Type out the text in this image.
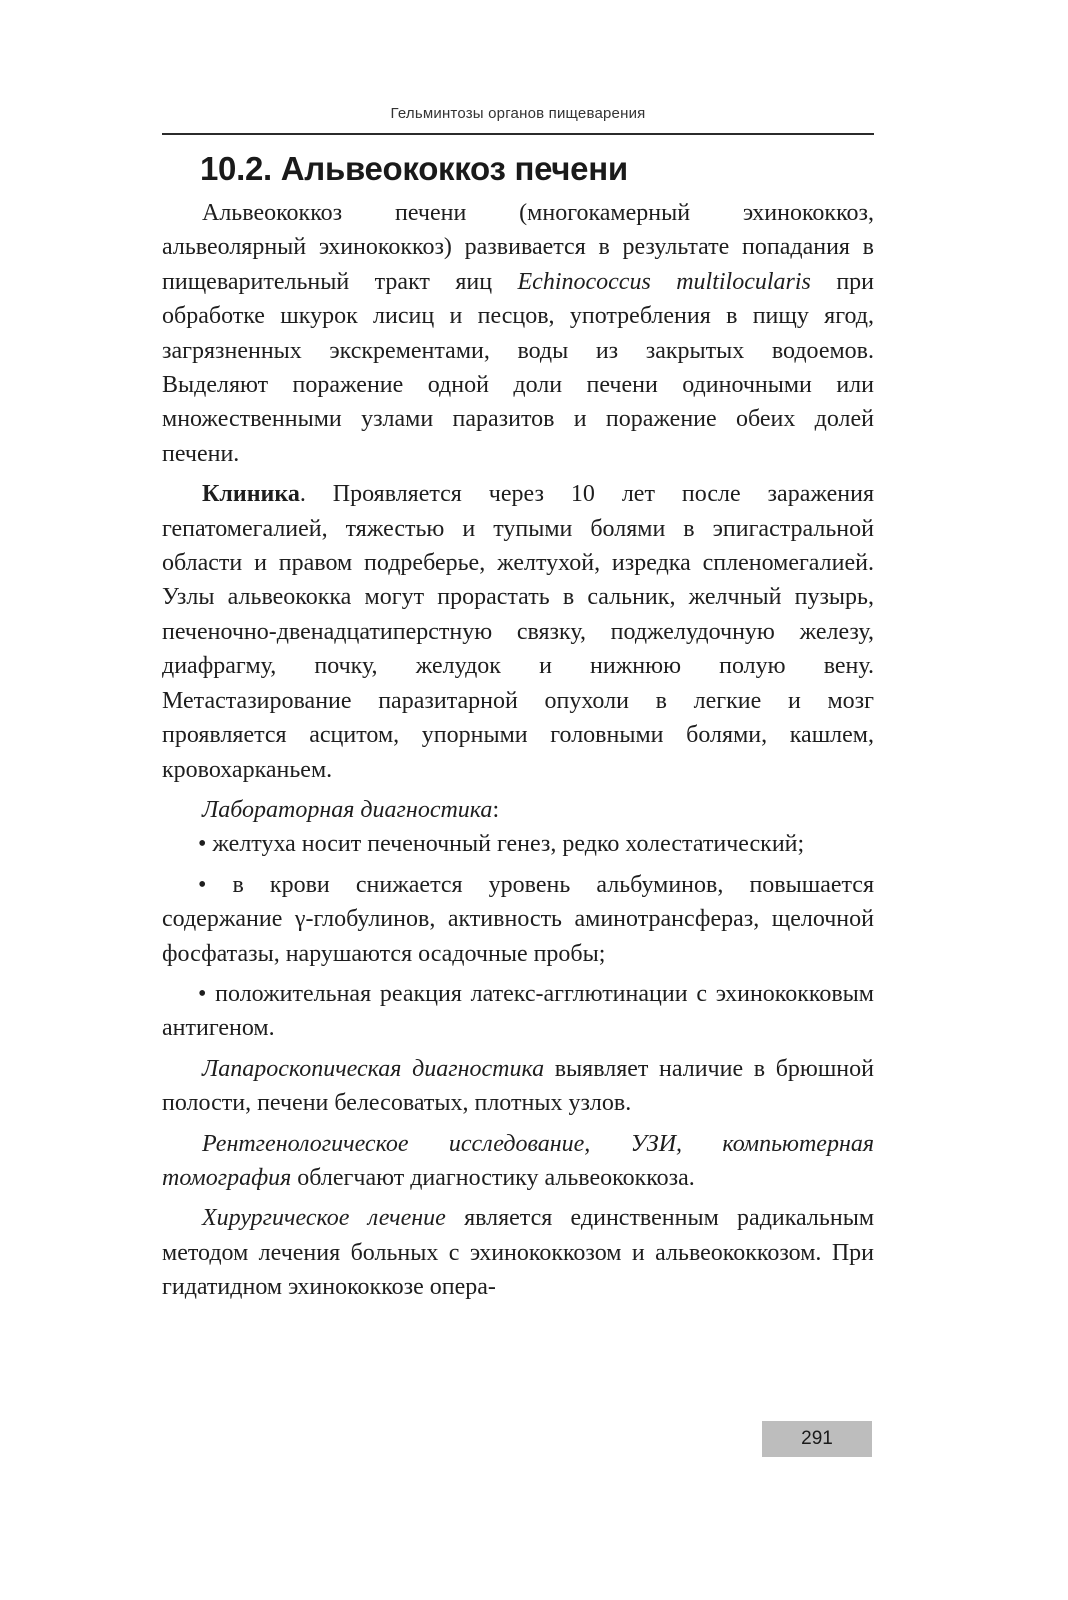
Гельминтозы органов пищеварения
10.2. Альвеококкоз печени

Альвеококкоз печени (многокамерный эхинококкоз, альвеолярный эхинококкоз) развивается в результате попадания в пищеварительный тракт яиц Echinococcus multilocularis при обработке шкурок лисиц и песцов, употребления в пищу ягод, загрязненных экскрементами, воды из закрытых водоемов. Выделяют поражение одной доли печени одиночными или множественными узлами паразитов и поражение обеих долей печени.

Клиника. Проявляется через 10 лет после заражения гепатомегалией, тяжестью и тупыми болями в эпигастральной области и правом подреберье, желтухой, изредка спленомегалией. Узлы альвеококка могут прорастать в сальник, желчный пузырь, печеночно-двенадцатиперстную связку, поджелудочную железу, диафрагму, почку, желудок и нижнюю полую вену. Метастазирование паразитарной опухоли в легкие и мозг проявляется асцитом, упорными головными болями, кашлем, кровохарканьем.

Лабораторная диагностика:

• желтуха носит печеночный генез, редко холестатический;

• в крови снижается уровень альбуминов, повышается содержание γ-глобулинов, активность аминотрансфераз, щелочной фосфатазы, нарушаются осадочные пробы;

• положительная реакция латекс-агглютинации с эхинококковым антигеном.

Лапароскопическая диагностика выявляет наличие в брюшной полости, печени белесоватых, плотных узлов.

Рентгенологическое исследование, УЗИ, компьютерная томография облегчают диагностику альвеококкоза.

Хирургическое лечение является единственным радикальным методом лечения больных с эхинококкозом и альвеококкозом. При гидатидном эхинококкозе опера-

291
